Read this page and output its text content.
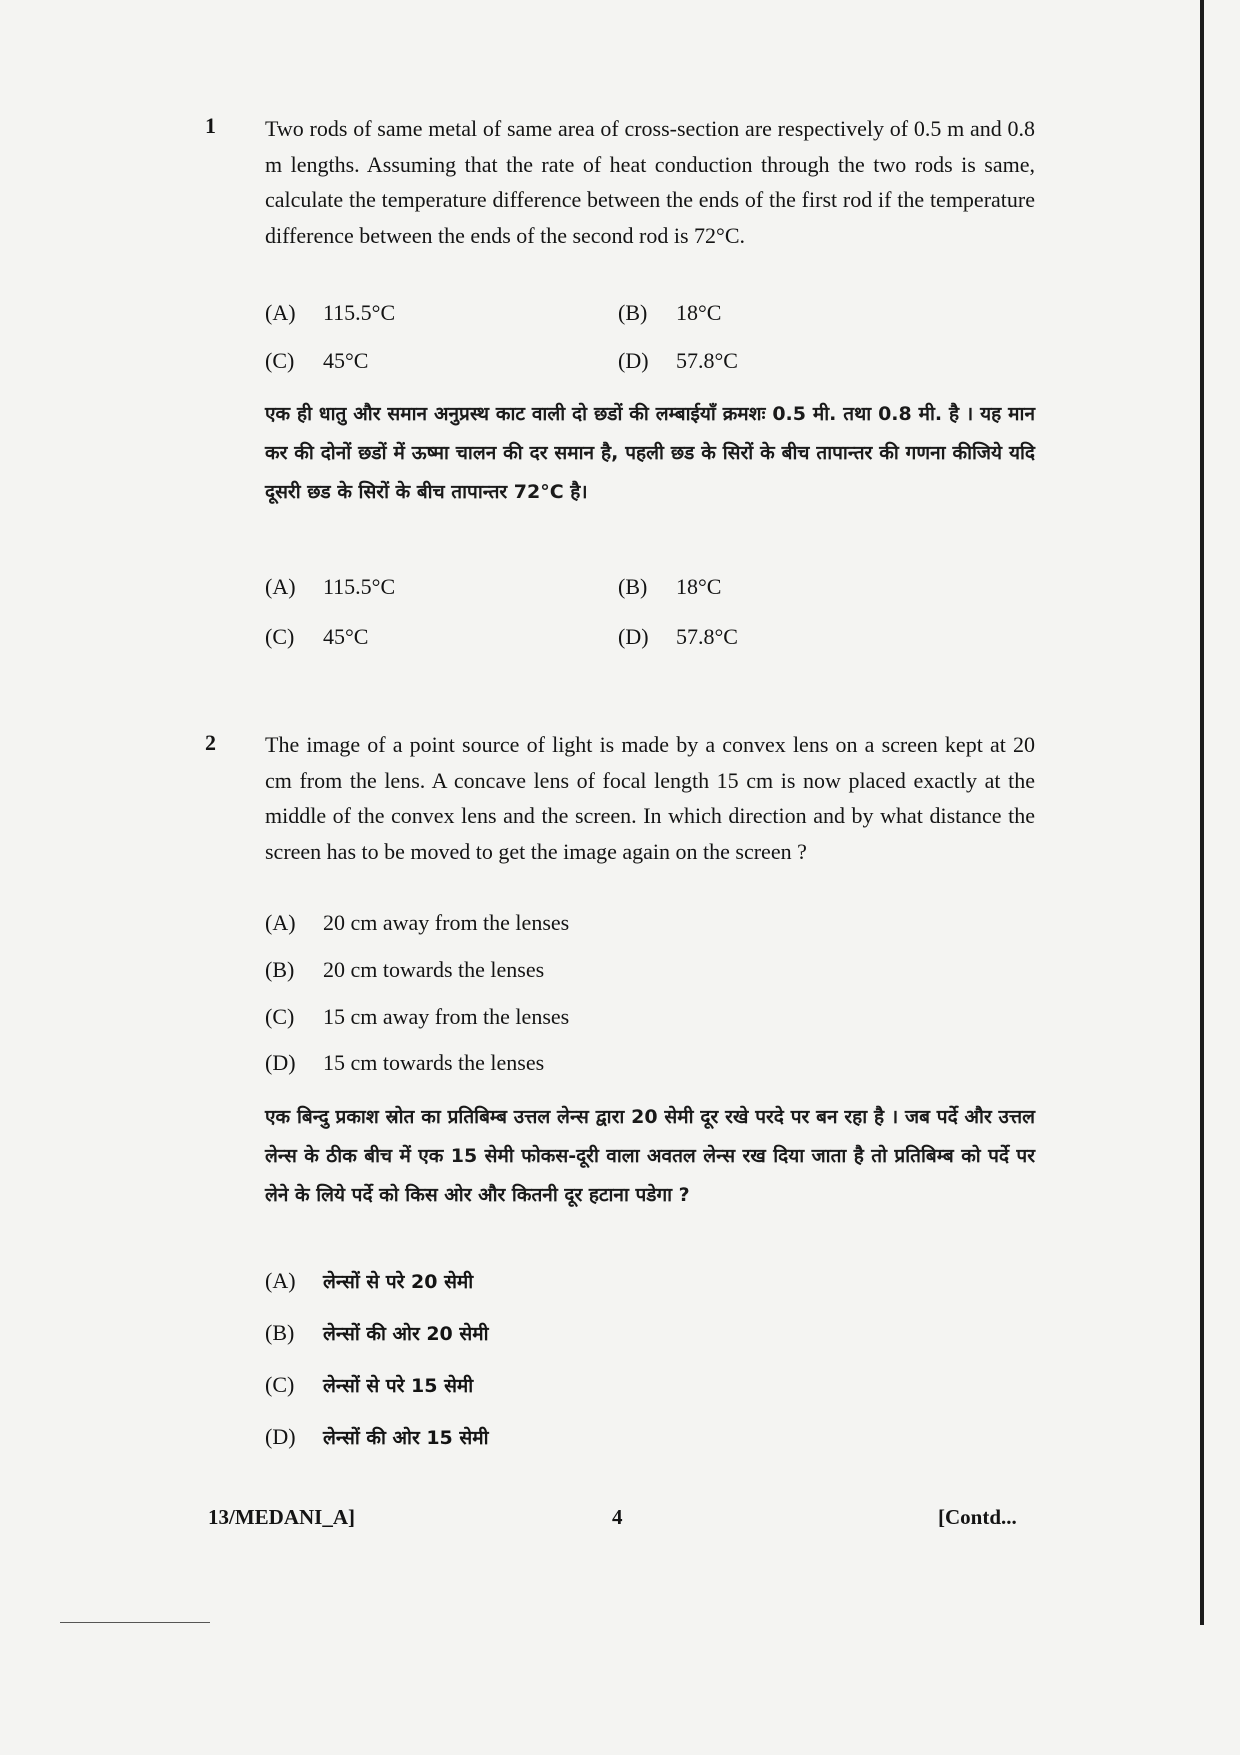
1 Two rods of same metal of same area of cross-section are respectively of 0.5 m and 0.8 m lengths. Assuming that the rate of heat conduction through the two rods is same, calculate the temperature difference between the ends of the first rod if the temperature difference between the ends of the second rod is 72°C.
(A) 115.5°C	(B) 18°C
(C) 45°C	(D) 57.8°C
एक ही धातु और समान अनुप्रस्थ काट वाली दो छडों की लम्बाईयाँ क्रमशः 0.5 मी. तथा 0.8 मी. है । यह मान कर की दोनों छडों में ऊष्मा चालन की दर समान है, पहली छड के सिरों के बीच तापान्तर की गणना कीजिये यदि दूसरी छड के सिरों के बीच तापान्तर 72°C है।
(A) 115.5°C	(B) 18°C
(C) 45°C	(D) 57.8°C
2 The image of a point source of light is made by a convex lens on a screen kept at 20 cm from the lens. A concave lens of focal length 15 cm is now placed exactly at the middle of the convex lens and the screen. In which direction and by what distance the screen has to be moved to get the image again on the screen ?
(A) 20 cm away from the lenses
(B) 20 cm towards the lenses
(C) 15 cm away from the lenses
(D) 15 cm towards the lenses
एक बिन्दु प्रकाश स्रोत का प्रतिबिम्ब उत्तल लेन्स द्वारा 20 सेमी दूर रखे परदे पर बन रहा है । जब पर्दे और उत्तल लेन्स के ठीक बीच में एक 15 सेमी फोकस-दूरी वाला अवतल लेन्स रख दिया जाता है तो प्रतिबिम्ब को पर्दे पर लेने के लिये पर्दे को किस ओर और कितनी दूर हटाना पडेगा ?
(A) लेन्सों से परे 20 सेमी
(B) लेन्सों की ओर 20 सेमी
(C) लेन्सों से परे 15 सेमी
(D) लेन्सों की ओर 15 सेमी
13/MEDANI_A]	4	[Contd...
